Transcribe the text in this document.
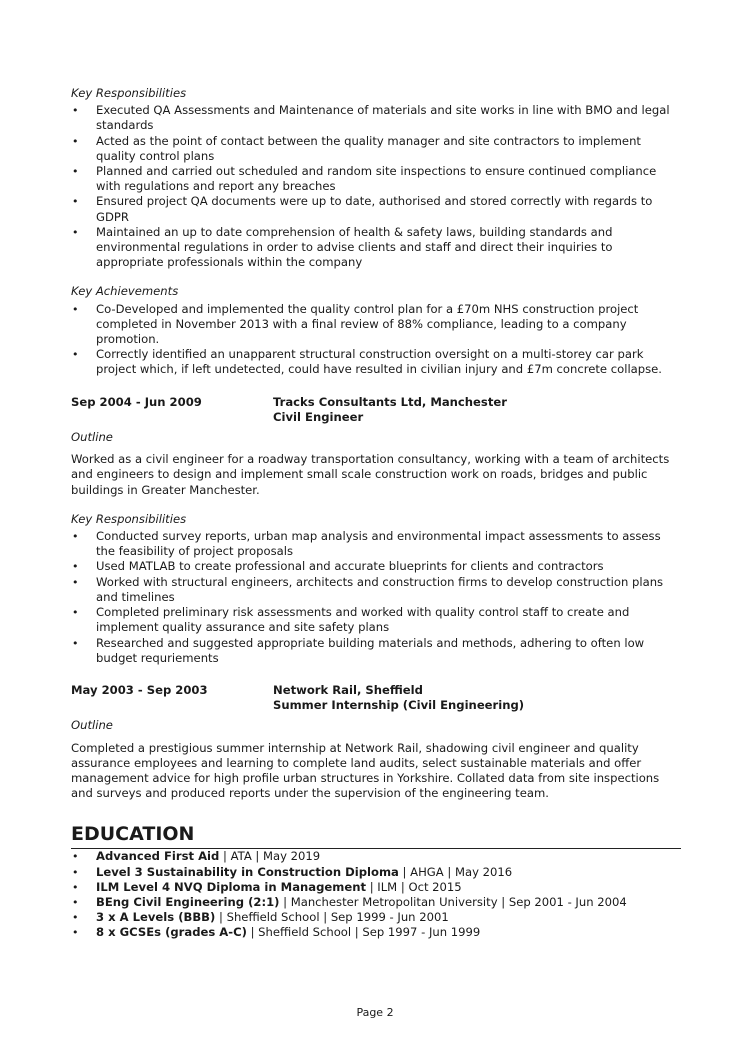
Key Responsibilities
• Executed QA Assessments and Maintenance of materials and site works in line with BMO and legal standards
• Acted as the point of contact between the quality manager and site contractors to implement quality control plans
• Planned and carried out scheduled and random site inspections to ensure continued compliance with regulations and report any breaches
• Ensured project QA documents were up to date, authorised and stored correctly with regards to GDPR
• Maintained an up to date comprehension of health & safety laws, building standards and environmental regulations in order to advise clients and staff and direct their inquiries to appropriate professionals within the company
Key Achievements
• Co-Developed and implemented the quality control plan for a £70m NHS construction project completed in November 2013 with a final review of 88% compliance, leading to a company promotion.
• Correctly identified an unapparent structural construction oversight on a multi-storey car park project which, if left undetected, could have resulted in civilian injury and £7m concrete collapse.
Sep 2004 - Jun 2009	Tracks Consultants Ltd, Manchester
Civil Engineer
Outline

Worked as a civil engineer for a roadway transportation consultancy, working with a team of architects and engineers to design and implement small scale construction work on roads, bridges and public buildings in Greater Manchester.

Key Responsibilities
• Conducted survey reports, urban map analysis and environmental impact assessments to assess the feasibility of project proposals
• Used MATLAB to create professional and accurate blueprints for clients and contractors
• Worked with structural engineers, architects and construction firms to develop construction plans and timelines
• Completed preliminary risk assessments and worked with quality control staff to create and implement quality assurance and site safety plans
• Researched and suggested appropriate building materials and methods, adhering to often low budget requriements
May 2003 - Sep 2003	Network Rail, Sheffield
Summer Internship (Civil Engineering)
Outline

Completed a prestigious summer internship at Network Rail, shadowing civil engineer and quality assurance employees and learning to complete land audits, select sustainable materials and offer management advice for high profile urban structures in Yorkshire. Collated data from site inspections and surveys and produced reports under the supervision of the engineering team.

EDUCATION
• Advanced First Aid | ATA | May 2019
• Level 3 Sustainability in Construction Diploma | AHGA | May 2016
• ILM Level 4 NVQ Diploma in Management | ILM | Oct 2015
• BEng Civil Engineering (2:1) | Manchester Metropolitan University | Sep 2001 - Jun 2004
• 3 x A Levels (BBB) | Sheffield School | Sep 1999 - Jun 2001
• 8 x GCSEs (grades A-C) | Sheffield School | Sep 1997 - Jun 1999
Page 2
